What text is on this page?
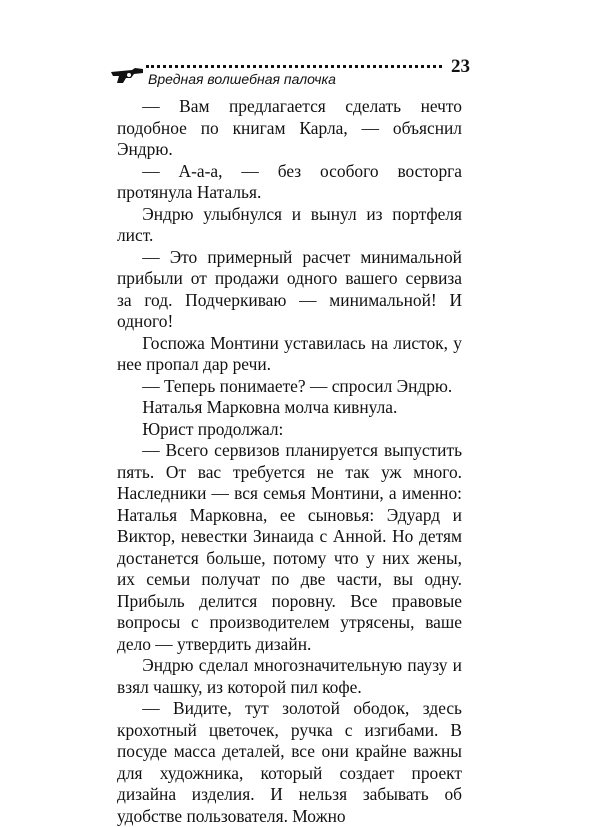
Вредная волшебная палочка
23

— Вам предлагается сделать нечто подобное по книгам Карла, — объяснил Эндрю.

— А-а-а, — без особого восторга протянула Наталья.

Эндрю улыбнулся и вынул из портфеля лист.

— Это примерный расчет минимальной прибыли от продажи одного вашего сервиза за год. Подчеркиваю — минимальной! И одного!

Госпожа Монтини уставилась на листок, у нее пропал дар речи.

— Теперь понимаете? — спросил Эндрю.

Наталья Марковна молча кивнула.

Юрист продолжал:

— Всего сервизов планируется выпустить пять. От вас требуется не так уж много. Наследники — вся семья Монтини, а именно: Наталья Марковна, ее сыновья: Эдуард и Виктор, невестки Зинаида с Анной. Но детям достанется больше, потому что у них жены, их семьи получат по две части, вы одну. Прибыль делится поровну. Все правовые вопросы с производителем утрясены, ваше дело — утвердить дизайн.

Эндрю сделал многозначительную паузу и взял чашку, из которой пил кофе.

— Видите, тут золотой ободок, здесь крохотный цветочек, ручка с изгибами. В посуде масса деталей, все они крайне важны для художника, который создает проект дизайна изделия. И нельзя забывать об удобстве пользователя. Можно
